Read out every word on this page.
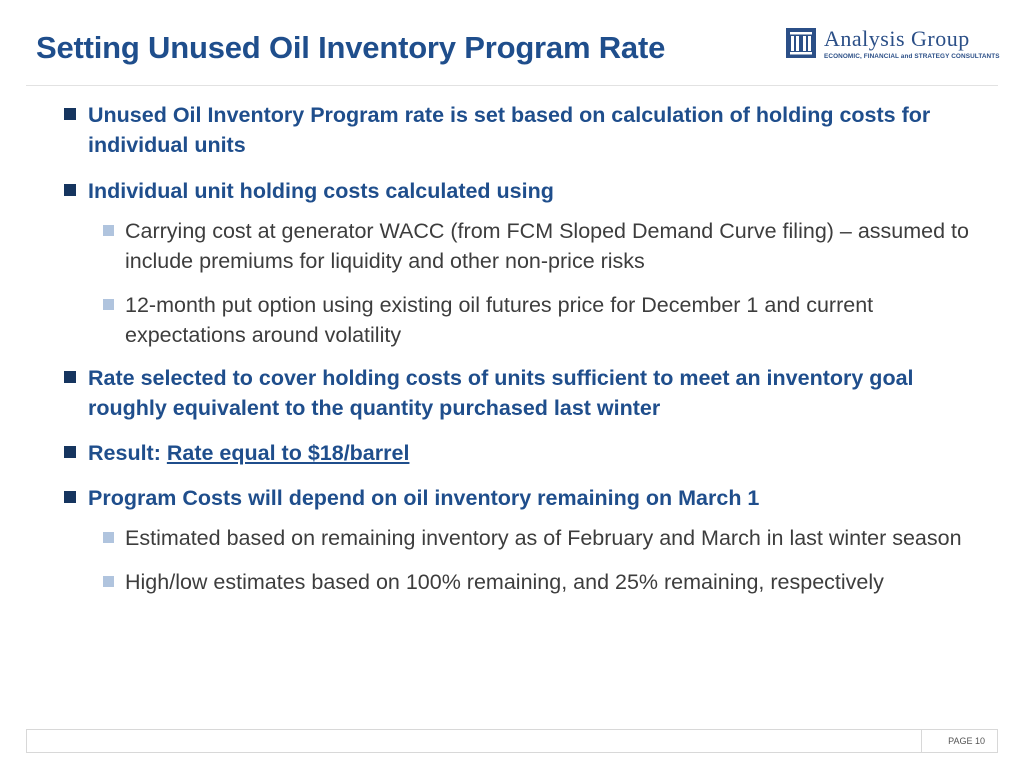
Setting Unused Oil Inventory Program Rate	Analysis Group
ECONOMIC, FINANCIAL and STRATEGY CONSULTANTS
Unused Oil Inventory Program rate is set based on calculation of holding costs for individual units
Individual unit holding costs calculated using
Carrying cost at generator WACC (from FCM Sloped Demand Curve filing) – assumed to include premiums for liquidity and other non-price risks
12-month put option using existing oil futures price for December 1 and current expectations around volatility
Rate selected to cover holding costs of units sufficient to meet an inventory goal roughly equivalent to the quantity purchased last winter
Result: Rate equal to $18/barrel
Program Costs will depend on oil inventory remaining on March 1
Estimated based on remaining inventory as of February and March in last winter season
High/low estimates based on 100% remaining, and 25% remaining, respectively
PAGE 10
